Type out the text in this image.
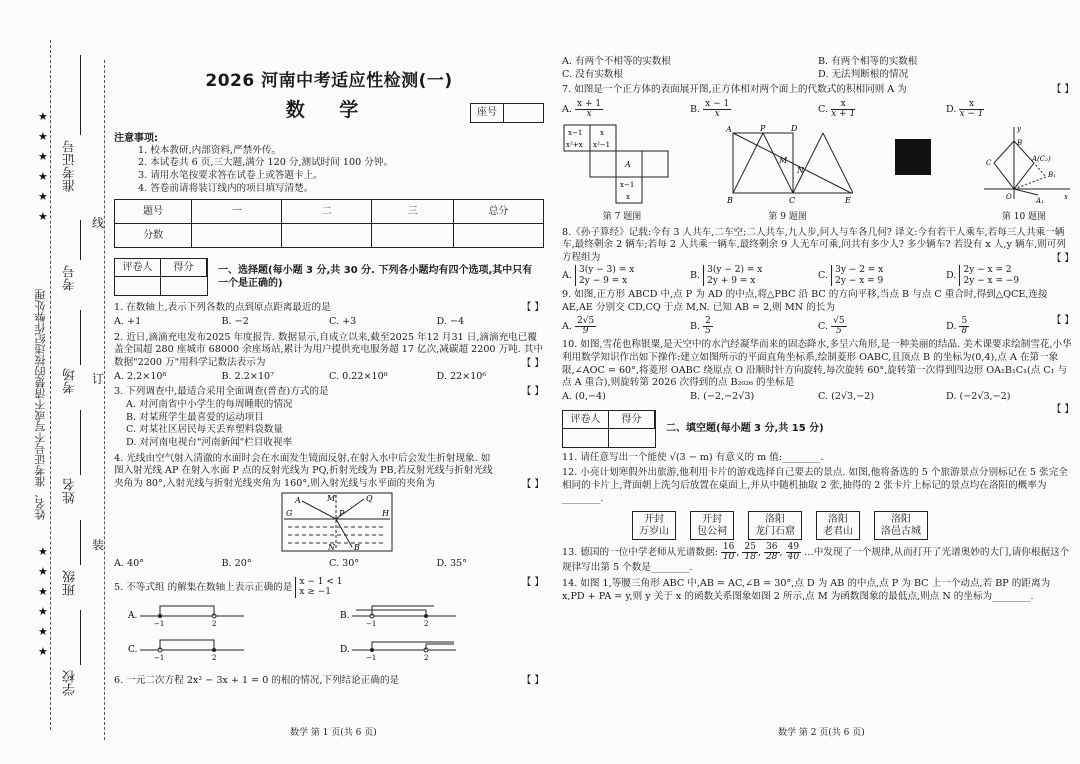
姓名、准考证号不写或不清楚的按违纪作弊处理
★
★
★
★
★
★
★
★
★
★
★
★
准考证号
考号
考场
姓名
班级
学校
线
订
装
2026 河南中考适应性检测(一)
数 学	座号
注意事项:

1. 校本教研,内部资料,严禁外传。

2. 本试卷共 6 页,三大题,满分 120 分,测试时间 100 分钟。

3. 请用水笔按要求答在试卷上或答题卡上。

4. 答卷前请将装订线内的项目填写清楚。

题号	一	二	三	总分
分数				
评卷人	得分	一、选择题(每小题 3 分,共 30 分. 下列各小题均有四个选项,其中只有一个是正确的)
1. 在数轴上,表示下列各数的点到原点距离最近的是	【 】
A. +1	B. −2	C. +3	D. −4
2. 近日,滴滴充电发布2025 年度报告. 数据显示,自成立以来,截至2025 年12 月31 日,滴滴充电已覆盖全国超 280 座城市 68000 余座场站,累计为用户提供充电服务超 17 亿次,减碳超 2200 万吨. 其中数据"2200 万"用科学记数法表示为	【 】
A. 2.2×10⁸	B. 2.2×10⁷	C. 0.22×10⁸	D. 22×10⁶
3. 下列调查中,最适合采用全面调查(普查)方式的是	【 】
A. 对河南省中小学生的每周睡眠的情况
B. 对某班学生最喜爱的运动项目
C. 对某社区居民每天丢弃塑料袋数量
D. 对河南电视台"河南新闻"栏目收视率
4. 光线由空气射入清澈的水面时会在水面发生镜面反射,在射入水中后会发生折射现象. 如图入射光线 AP 在射入水面 P 点的反射光线为 PQ,折射光线为 PB,若反射光线与折射光线夹角为 80°,入射光线与折射光线夹角为 160°,则入射光线与水平面的夹角为	【 】
A	M	Q
G	P	H
N B
A. 40°	B. 20°	C. 30°	D. 35°
5. 不等式组 的解集在数轴上表示正确的是 x − 1 < 1
x ≥ −1
【 】
A.
−1	2
B.
−1	2
C.
−1	2
D.
−1	2
6. 一元二次方程 2x² − 3x + 1 = 0 的根的情况,下列结论正确的是	【 】
数学 第 1 页(共 6 页)
A. 有两个不相等的实数根	B. 有两个相等的实数根
C. 没有实数根	D. 无法判断根的情况
7. 如图是一个正方体的表面展开图,正方体相对两个面上的代数式的积相同则 A 为	【 】
A. $\frac{x + 1}{x}$	B. $\frac{x - 1}{x}$	C. $\frac{x}{x + 1}$	D. $\frac{x}{x - 1}$
x−1
x²+x
x
x²−1
A
x−1
x
第 7 题图
A	P	D
M
N
B	C	E
第 9 题图
y
B
A(C₂)
B₁
C
O	A₁	x
第 10 题图
8.《孙子算经》记载:今有 3 人共车,二车空;二人共车,九人步,问人与车各几何? 译文:今有若干人乘车,若每三人共乘一辆车,最终剩余 2 辆车;若每 2 人共乘一辆车,最终剩余 9 人无车可乘,问共有多少人? 多少辆车? 若设有 x 人,y 辆车,则可列方程组为	【 】
A. 3(y − 3) = x
2y − 9 = x	B. 3(y − 2) = x
2y + 9 = x	C. 3y − 2 = x
2y − x = 9	D. 2y − x = 2
2y − x = −9
9. 如图,正方形 ABCD 中,点 P 为 AD 的中点,将△PBC 沿 BC 的方向平移,当点 B 与点 C 重合时,得到△QCE,连接 AE,AE 分别交 CD,CQ 于点 M,N. 已知 AB = 2,则 MN 的长为
【 】
A. $\frac{2√5}{9}$	B. $\frac{2}{5}$	C. $\frac{√5}{5}$	D. $\frac{5}{8}$
10. 如图,雪花也称银粟,是天空中的水汽经凝华而来的固态降水,多呈六角形,是一种美丽的结晶. 美术课要求绘制雪花,小华利用数学知识作出如下操作:建立如图所示的平面直角坐标系,绘制菱形 OABC,且顶点 B 的坐标为(0,4),点 A 在第一象限,∠AOC = 60°,将菱形 OABC 绕原点 O 沿顺时针方向旋转,每次旋转 60°,旋转第一次得到四边形 OA₁B₁C₁(点 C₁ 与点 A 重合),则旋转第 2026 次得到的点 B₂₀₂₆ 的坐标是
【 】
A. (0,−4)	B. (−2,−2√3)	C. (2√3,−2)	D. (−2√3,−2)
评卷人	得分
二、填空题(每小题 3 分,共 15 分)
11. 请任意写出一个能使 √(3 − m) 有意义的 m 值:________.
12. 小亮计划寒假外出旅游,他利用卡片的游戏选择自己要去的景点. 如图,他将备选的 5 个旅游景点分别标记在 5 张完全相同的卡片上,背面朝上洗匀后放置在桌面上,并从中随机抽取 2 张,抽得的 2 张卡片上标记的景点均在洛阳的概率为________.
开封
万岁山
开封
包公祠
洛阳
龙门石窟
洛阳
老君山
洛阳
洛邑古城
13. 德国的一位中学老师从光谱数据: $\frac{16}{10}$, $\frac{25}{18}$, $\frac{36}{28}$, $\frac{49}{40}$ …中发现了一个规律,从而打开了光谱奥妙的大门,请你根据这个规律写出第 5 个数是________.
14. 如图 1,等腰三角形 ABC 中,AB = AC,∠B = 30°,点 D 为 AB 的中点,点 P 为 BC 上一个动点,若 BP 的距离为 x,PD + PA = y,则 y 关于 x 的函数关系图象如图 2 所示,点 M 为函数图象的最低点,则点 N 的坐标为________.
数学 第 2 页(共 6 页)
